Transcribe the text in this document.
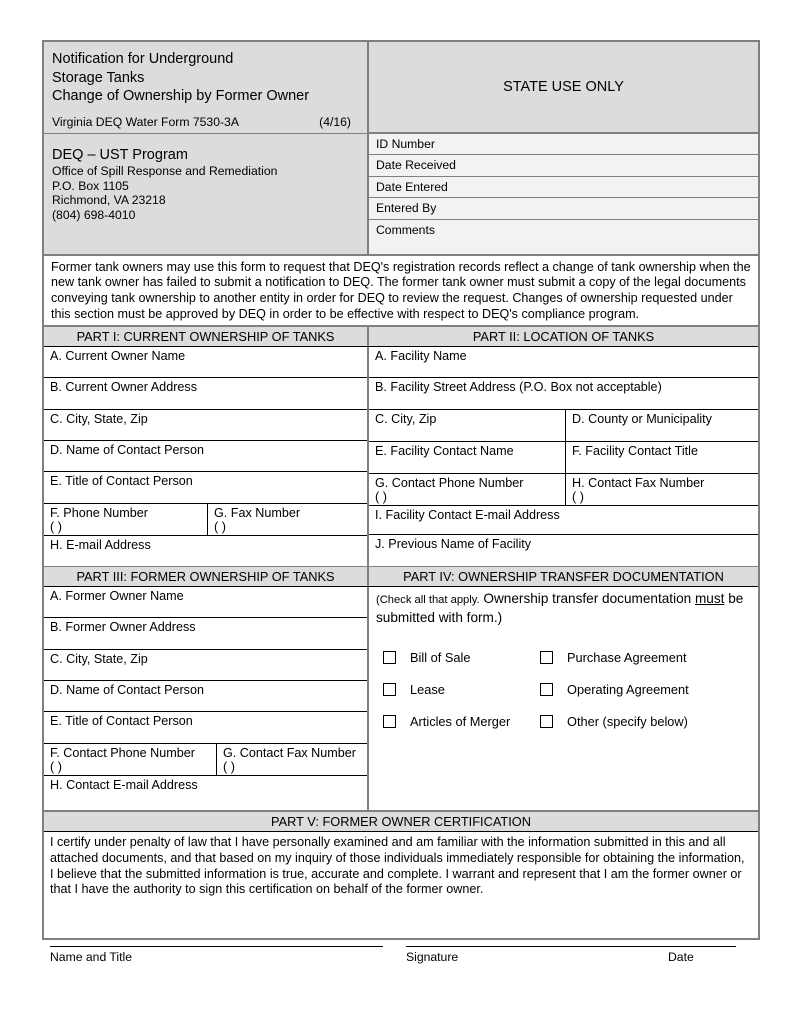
Notification for Underground
Storage Tanks
Change of Ownership by Former Owner
Virginia DEQ Water Form 7530-3A	(4/16)
DEQ – UST Program
Office of Spill Response and Remediation
P.O. Box 1105
Richmond, VA 23218
(804) 698-4010
STATE USE ONLY
ID Number
Date Received
Date Entered
Entered By
Comments
Former tank owners may use this form to request that DEQ's registration records reflect a change of tank ownership when the new tank owner has failed to submit a notification to DEQ. The former tank owner must submit a copy of the legal documents conveying tank ownership to another entity in order for DEQ to review the request. Changes of ownership requested under this section must be approved by DEQ in order to be effective with respect to DEQ's compliance program.
PART I: CURRENT OWNERSHIP OF TANKS	PART II: LOCATION OF TANKS
A. Current Owner Name
B. Current Owner Address
C. City, State, Zip
D. Name of Contact Person
E. Title of Contact Person
F. Phone Number
( )
G. Fax Number
( )
H. E-mail Address
A. Facility Name
B. Facility Street Address (P.O. Box not acceptable)
C. City, Zip	D. County or Municipality
E. Facility Contact Name	F. Facility Contact Title
G. Contact Phone Number
( )
H. Contact Fax Number
( )
I. Facility Contact E-mail Address
J. Previous Name of Facility
PART III: FORMER OWNERSHIP OF TANKS	PART IV: OWNERSHIP TRANSFER DOCUMENTATION
A. Former Owner Name
B. Former Owner Address
C. City, State, Zip
D. Name of Contact Person
E. Title of Contact Person
F. Contact Phone Number
( )
G. Contact Fax Number
( )
H. Contact E-mail Address
(Check all that apply. Ownership transfer documentation must be submitted with form.)
Bill of Sale	Purchase Agreement
Lease	Operating Agreement
Articles of Merger	Other (specify below)
PART V: FORMER OWNER CERTIFICATION
I certify under penalty of law that I have personally examined and am familiar with the information submitted in this and all attached documents, and that based on my inquiry of those individuals immediately responsible for obtaining the information, I believe that the submitted information is true, accurate and complete. I warrant and represent that I am the former owner or that I have the authority to sign this certification on behalf of the former owner.
Name and Title	Signature	Date
